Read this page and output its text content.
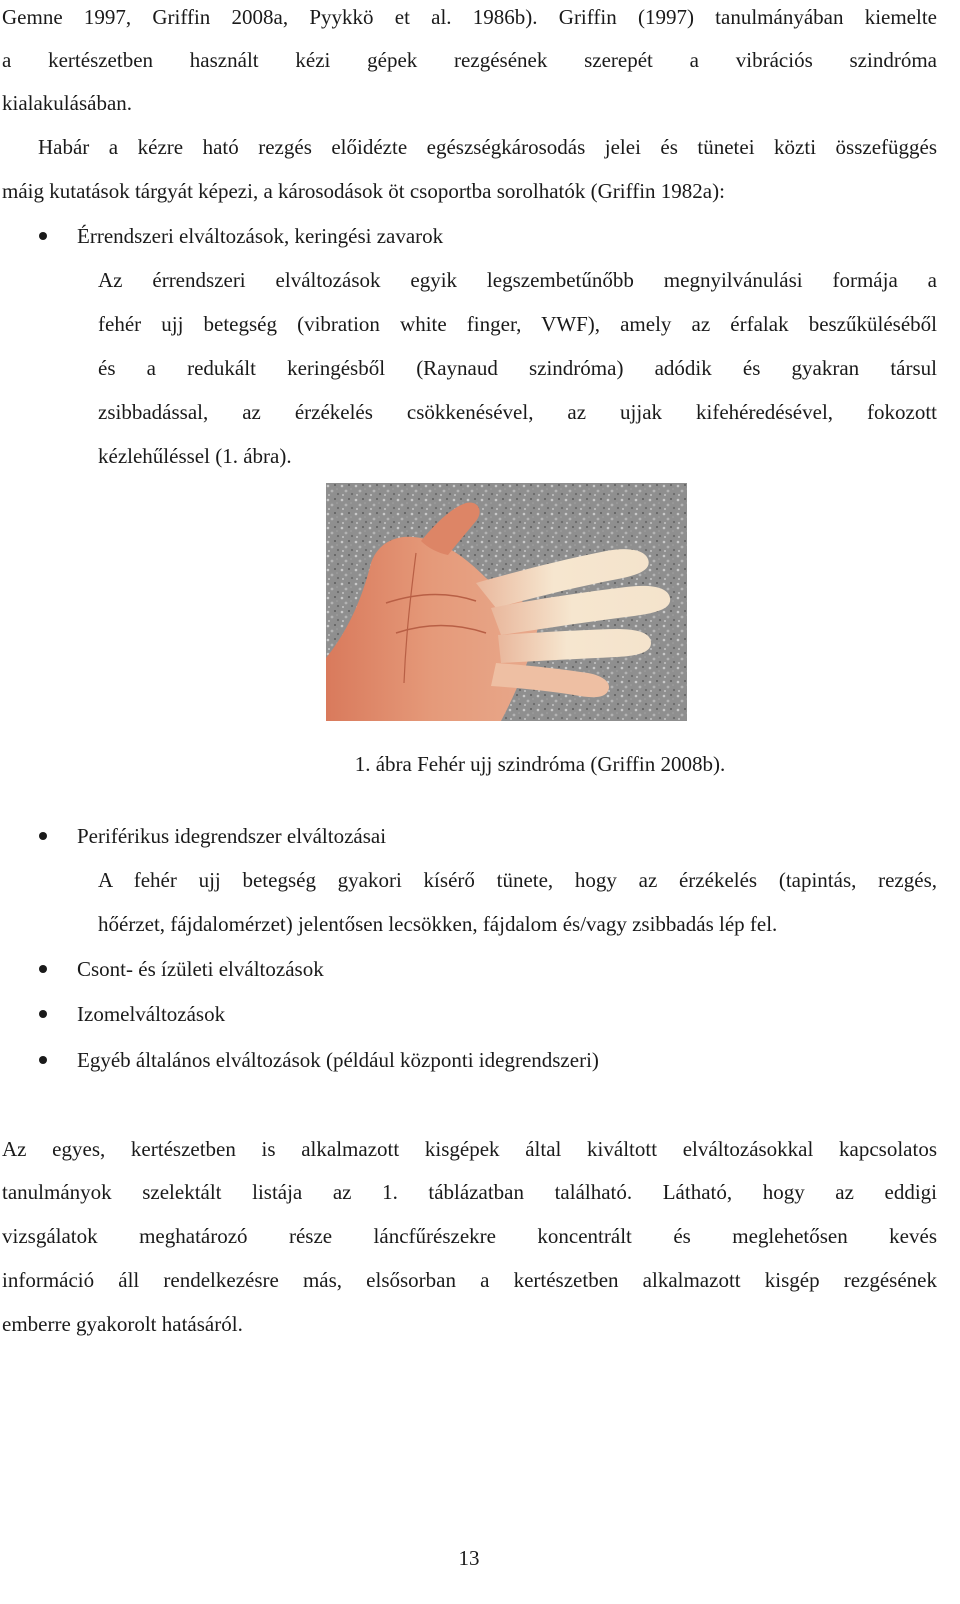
Gemne 1997, Griffin 2008a, Pyykkö et al. 1986b). Griffin (1997) tanulmányában kiemelte
a kertészetben használt kézi gépek rezgésének szerepét a vibrációs szindróma
kialakulásában.
Habár a kézre ható rezgés előidézte egészségkárosodás jelei és tünetei közti összefüggés
máig kutatások tárgyát képezi, a károsodások öt csoportba sorolhatók (Griffin 1982a):
Érrendszeri elváltozások, keringési zavarok
Az érrendszeri elváltozások egyik legszembetűnőbb megnyilvánulási formája a
fehér ujj betegség (vibration white finger, VWF), amely az érfalak beszűküléséből
és a redukált keringésből (Raynaud szindróma) adódik és gyakran társul
zsibbadással, az érzékelés csökkenésével, az ujjak kifehéredésével, fokozott
kézlehűléssel (1. ábra).
1. ábra Fehér ujj szindróma (Griffin 2008b).
Periférikus idegrendszer elváltozásai
A fehér ujj betegség gyakori kísérő tünete, hogy az érzékelés (tapintás, rezgés,
hőérzet, fájdalomérzet) jelentősen lecsökken, fájdalom és/vagy zsibbadás lép fel.
Csont- és ízületi elváltozások
Izomelváltozások
Egyéb általános elváltozások (például központi idegrendszeri)
Az egyes, kertészetben is alkalmazott kisgépek által kiváltott elváltozásokkal kapcsolatos
tanulmányok szelektált listája az 1. táblázatban található. Látható, hogy az eddigi
vizsgálatok meghatározó része láncfűrészekre koncentrált és meglehetősen kevés
információ áll rendelkezésre más, elsősorban a kertészetben alkalmazott kisgép rezgésének
emberre gyakorolt hatásáról.
13
